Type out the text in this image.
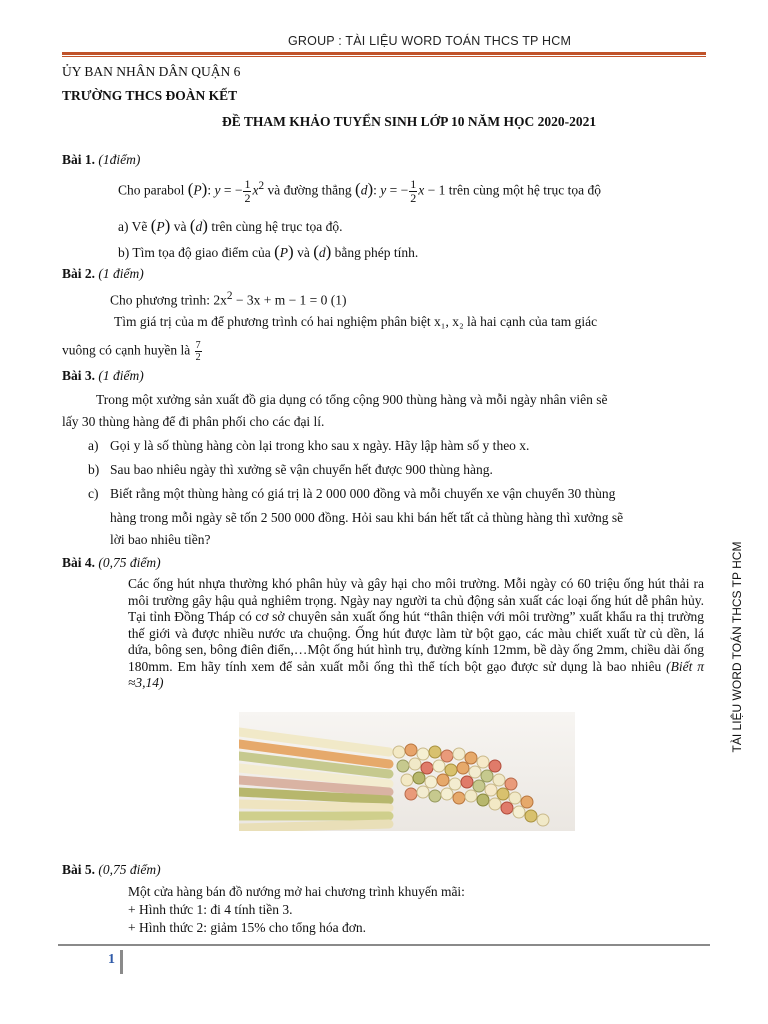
GROUP : TÀI LIỆU WORD TOÁN THCS TP HCM
TÀI LIỆU WORD TOÁN THCS TP HCM
ỦY BAN NHÂN DÂN QUẬN 6
TRƯỜNG THCS ĐOÀN KẾT
ĐỀ THAM KHẢO TUYỂN SINH LỚP 10 NĂM HỌC 2020-2021
Bài 1. (1điểm)
Cho parabol (P): y = − $\frac{1}{2} x^2$ và đường thẳng (d): y = − $\frac{1}{2}$ x − 1 trên cùng một hệ trục tọa độ
a) Vẽ (P) và (d) trên cùng hệ trục tọa độ.
b) Tìm tọa độ giao điểm của (P) và (d) bằng phép tính.
Bài 2. (1 điểm)
Cho phương trình: $2x^2 - 3x + m - 1 = 0$ (1)
Tìm giá trị của m để phương trình có hai nghiệm phân biệt x₁, x₂ là hai cạnh của tam giác
vuông có cạnh huyền là $\frac{7}{2}$
Bài 3. (1 điểm)
Trong một xưởng sản xuất đồ gia dụng có tổng cộng 900 thùng hàng và mỗi ngày nhân viên sẽ
lấy 30 thùng hàng để đi phân phối cho các đại lí.
a) Gọi y là số thùng hàng còn lại trong kho sau x ngày. Hãy lập hàm số y theo x.
b) Sau bao nhiêu ngày thì xưởng sẽ vận chuyển hết được 900 thùng hàng.
c) Biết rằng một thùng hàng có giá trị là 2 000 000 đồng và mỗi chuyến xe vận chuyển 30 thùng
hàng trong mỗi ngày sẽ tốn 2 500 000 đồng. Hỏi sau khi bán hết tất cả thùng hàng thì xưởng sẽ
lời bao nhiêu tiền?
Bài 4. (0,75 điểm)
Các ống hút nhựa thường khó phân hủy và gây hại cho môi trường. Mỗi ngày có 60 triệu ống hút thải ra môi trường gây hậu quả nghiêm trọng. Ngày nay người ta chủ động sản xuất các loại ống hút dễ phân hủy. Tại tỉnh Đồng Tháp có cơ sở chuyên sản xuất ống hút “thân thiện với môi trường” xuất khẩu ra thị trường thế giới và được nhiều nước ưa chuộng. Ống hút được làm từ bột gạo, các màu chiết xuất từ củ dền, lá dứa, bông sen, bông điên điển,…Một ống hút hình trụ, đường kính 12mm, bề dày ống 2mm, chiều dài ống 180mm. Em hãy tính xem để sản xuất mỗi ống thì thể tích bột gạo được sử dụng là bao nhiêu (Biết π ≈3,14)
Bài 5. (0,75 điểm)
Một cửa hàng bán đồ nướng mở hai chương trình khuyến mãi:
+ Hình thức 1: đi 4 tính tiền 3.
+ Hình thức 2: giảm 15% cho tổng hóa đơn.
1
